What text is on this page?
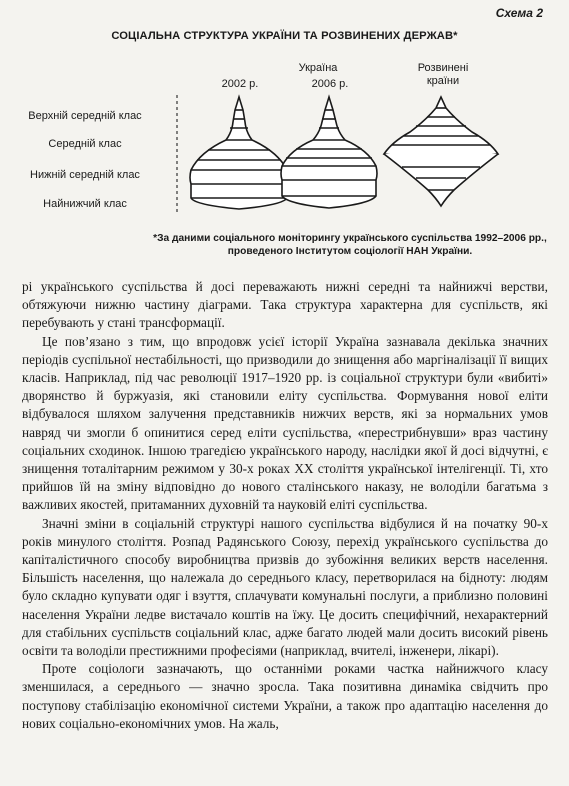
Схема 2
СОЦІАЛЬНА СТРУКТУРА УКРАЇНИ ТА РОЗВИНЕНИХ ДЕРЖАВ*
Україна
2002 р.	2006 р.
Розвинені
країни
Верхній середній клас
Середній клас
Нижній середній клас
Найнижчий клас
*За даними соціального моніторингу українського суспільства 1992–2006 рр.,
проведеного Інститутом соціології НАН України.

рі українського суспільства й досі переважають нижні середні та найнижчі верстви, обтяжуючи нижню частину діаграми. Така структура характерна для суспільств, які перебувають у стані трансформації.

Це пов’язано з тим, що впродовж усієї історії Україна зазнавала декілька значних періодів суспільної нестабільності, що призводили до знищення або маргіналізації її вищих класів. Наприклад, під час революції 1917–1920 рр. із соціальної структури були «вибиті» дворянство й буржуазія, які становили еліту суспільства. Формування нової еліти відбувалося шляхом залучення представників нижчих верств, які за нормальних умов навряд чи змогли б опинитися серед еліти суспільства, «перестрибнувши» враз частину соціальних сходинок. Іншою трагедією українського народу, наслідки якої й досі відчутні, є знищення тоталітарним режимом у 30-х роках XX століття української інтелігенції. Ті, хто прийшов їй на зміну відповідно до нового сталінського наказу, не володіли багатьма з важливих якостей, притаманних духовній та науковій еліті суспільства.

Значні зміни в соціальній структурі нашого суспільства відбулися й на початку 90-х років минулого століття. Розпад Радянського Союзу, перехід українського суспільства до капіталістичного способу виробництва призвів до зубожіння великих верств населення. Більшість населення, що належала до середнього класу, перетворилася на бідноту: людям було складно купувати одяг і взуття, сплачувати комунальні послуги, а приблизно половині населення України ледве вистачало коштів на їжу. Це досить специфічний, нехарактерний для стабільних суспільств соціальний клас, адже багато людей мали досить високий рівень освіти та володіли престижними професіями (наприклад, вчителі, інженери, лікарі).

Проте соціологи зазначають, що останніми роками частка найнижчого класу зменшилася, а середнього — значно зросла. Така позитивна динаміка свідчить про поступову стабілізацію економічної системи України, а також про адаптацію населення до нових соціально-економічних умов. На жаль,
